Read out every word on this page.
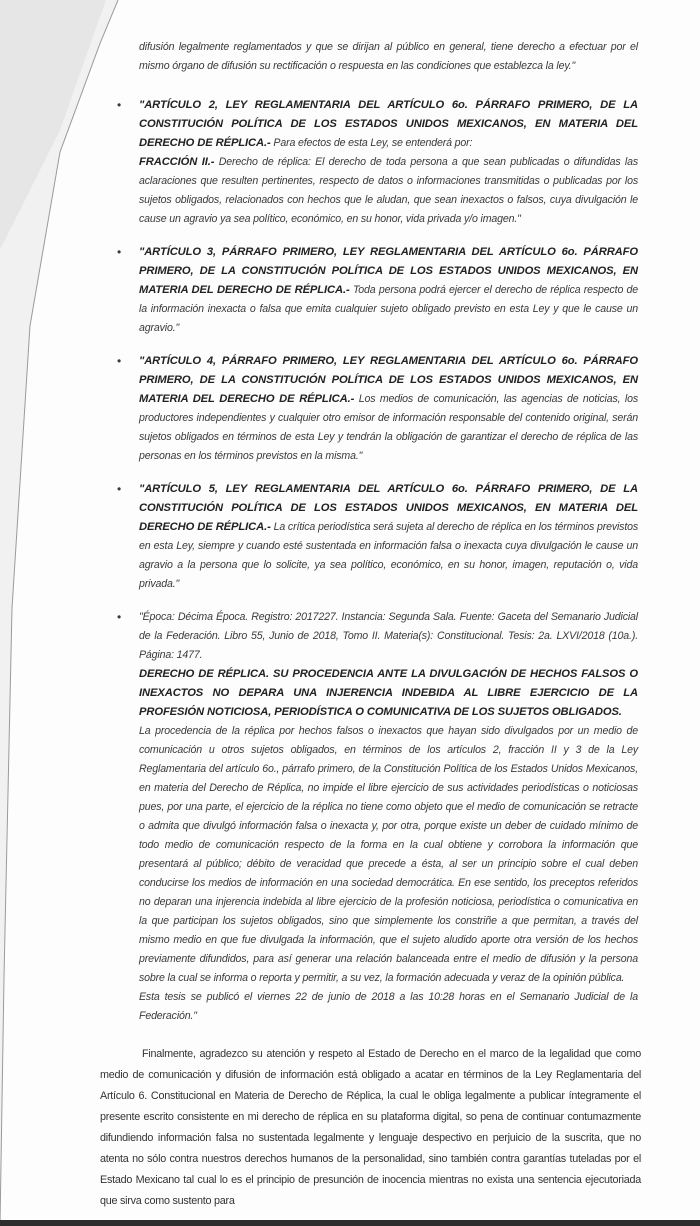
difusión legalmente reglamentados y que se dirijan al público en general, tiene derecho a efectuar por el mismo órgano de difusión su rectificación o respuesta en las condiciones que establezca la ley."
• "ARTÍCULO 2, LEY REGLAMENTARIA DEL ARTÍCULO 6o. PÁRRAFO PRIMERO, DE LA CONSTITUCIÓN POLÍTICA DE LOS ESTADOS UNIDOS MEXICANOS, EN MATERIA DEL DERECHO DE RÉPLICA.- Para efectos de esta Ley, se entenderá por:
FRACCIÓN II.- Derecho de réplica: El derecho de toda persona a que sean publicadas o difundidas las aclaraciones que resulten pertinentes, respecto de datos o informaciones transmitidas o publicadas por los sujetos obligados, relacionados con hechos que le aludan, que sean inexactos o falsos, cuya divulgación le cause un agravio ya sea político, económico, en su honor, vida privada y/o imagen."
• "ARTÍCULO 3, PÁRRAFO PRIMERO, LEY REGLAMENTARIA DEL ARTÍCULO 6o. PÁRRAFO PRIMERO, DE LA CONSTITUCIÓN POLÍTICA DE LOS ESTADOS UNIDOS MEXICANOS, EN MATERIA DEL DERECHO DE RÉPLICA.- Toda persona podrá ejercer el derecho de réplica respecto de la información inexacta o falsa que emita cualquier sujeto obligado previsto en esta Ley y que le cause un agravio."
• "ARTÍCULO 4, PÁRRAFO PRIMERO, LEY REGLAMENTARIA DEL ARTÍCULO 6o. PÁRRAFO PRIMERO, DE LA CONSTITUCIÓN POLÍTICA DE LOS ESTADOS UNIDOS MEXICANOS, EN MATERIA DEL DERECHO DE RÉPLICA.- Los medios de comunicación, las agencias de noticias, los productores independientes y cualquier otro emisor de información responsable del contenido original, serán sujetos obligados en términos de esta Ley y tendrán la obligación de garantizar el derecho de réplica de las personas en los términos previstos en la misma."
• "ARTÍCULO 5, LEY REGLAMENTARIA DEL ARTÍCULO 6o. PÁRRAFO PRIMERO, DE LA CONSTITUCIÓN POLÍTICA DE LOS ESTADOS UNIDOS MEXICANOS, EN MATERIA DEL DERECHO DE RÉPLICA.- La crítica periodística será sujeta al derecho de réplica en los términos previstos en esta Ley, siempre y cuando esté sustentada en información falsa o inexacta cuya divulgación le cause un agravio a la persona que lo solicite, ya sea político, económico, en su honor, imagen, reputación o, vida privada."
• "Época: Décima Época. Registro: 2017227. Instancia: Segunda Sala. Fuente: Gaceta del Semanario Judicial de la Federación. Libro 55, Junio de 2018, Tomo II. Materia(s): Constitucional. Tesis: 2a. LXVI/2018 (10a.). Página: 1477.
DERECHO DE RÉPLICA. SU PROCEDENCIA ANTE LA DIVULGACIÓN DE HECHOS FALSOS O INEXACTOS NO DEPARA UNA INJERENCIA INDEBIDA AL LIBRE EJERCICIO DE LA PROFESIÓN NOTICIOSA, PERIODÍSTICA O COMUNICATIVA DE LOS SUJETOS OBLIGADOS.
La procedencia de la réplica por hechos falsos o inexactos que hayan sido divulgados por un medio de comunicación u otros sujetos obligados, en términos de los artículos 2, fracción II y 3 de la Ley Reglamentaria del artículo 6o., párrafo primero, de la Constitución Política de los Estados Unidos Mexicanos, en materia del Derecho de Réplica, no impide el libre ejercicio de sus actividades periodísticas o noticiosas pues, por una parte, el ejercicio de la réplica no tiene como objeto que el medio de comunicación se retracte o admita que divulgó información falsa o inexacta y, por otra, porque existe un deber de cuidado mínimo de todo medio de comunicación respecto de la forma en la cual obtiene y corrobora la información que presentará al público; débito de veracidad que precede a ésta, al ser un principio sobre el cual deben conducirse los medios de información en una sociedad democrática. En ese sentido, los preceptos referidos no deparan una injerencia indebida al libre ejercicio de la profesión noticiosa, periodística o comunicativa en la que participan los sujetos obligados, sino que simplemente los constriñe a que permitan, a través del mismo medio en que fue divulgada la información, que el sujeto aludido aporte otra versión de los hechos previamente difundidos, para así generar una relación balanceada entre el medio de difusión y la persona sobre la cual se informa o reporta y permitir, a su vez, la formación adecuada y veraz de la opinión pública.
Esta tesis se publicó el viernes 22 de junio de 2018 a las 10:28 horas en el Semanario Judicial de la Federación."
Finalmente, agradezco su atención y respeto al Estado de Derecho en el marco de la legalidad que como medio de comunicación y difusión de información está obligado a acatar en términos de la Ley Reglamentaria del Artículo 6. Constitucional en Materia de Derecho de Réplica, la cual le obliga legalmente a publicar íntegramente el presente escrito consistente en mi derecho de réplica en su plataforma digital, so pena de continuar contumazmente difundiendo información falsa no sustentada legalmente y lenguaje despectivo en perjuicio de la suscrita, que no atenta no sólo contra nuestros derechos humanos de la personalidad, sino también contra garantías tuteladas por el Estado Mexicano tal cual lo es el principio de presunción de inocencia mientras no exista una sentencia ejecutoriada que sirva como sustento para
